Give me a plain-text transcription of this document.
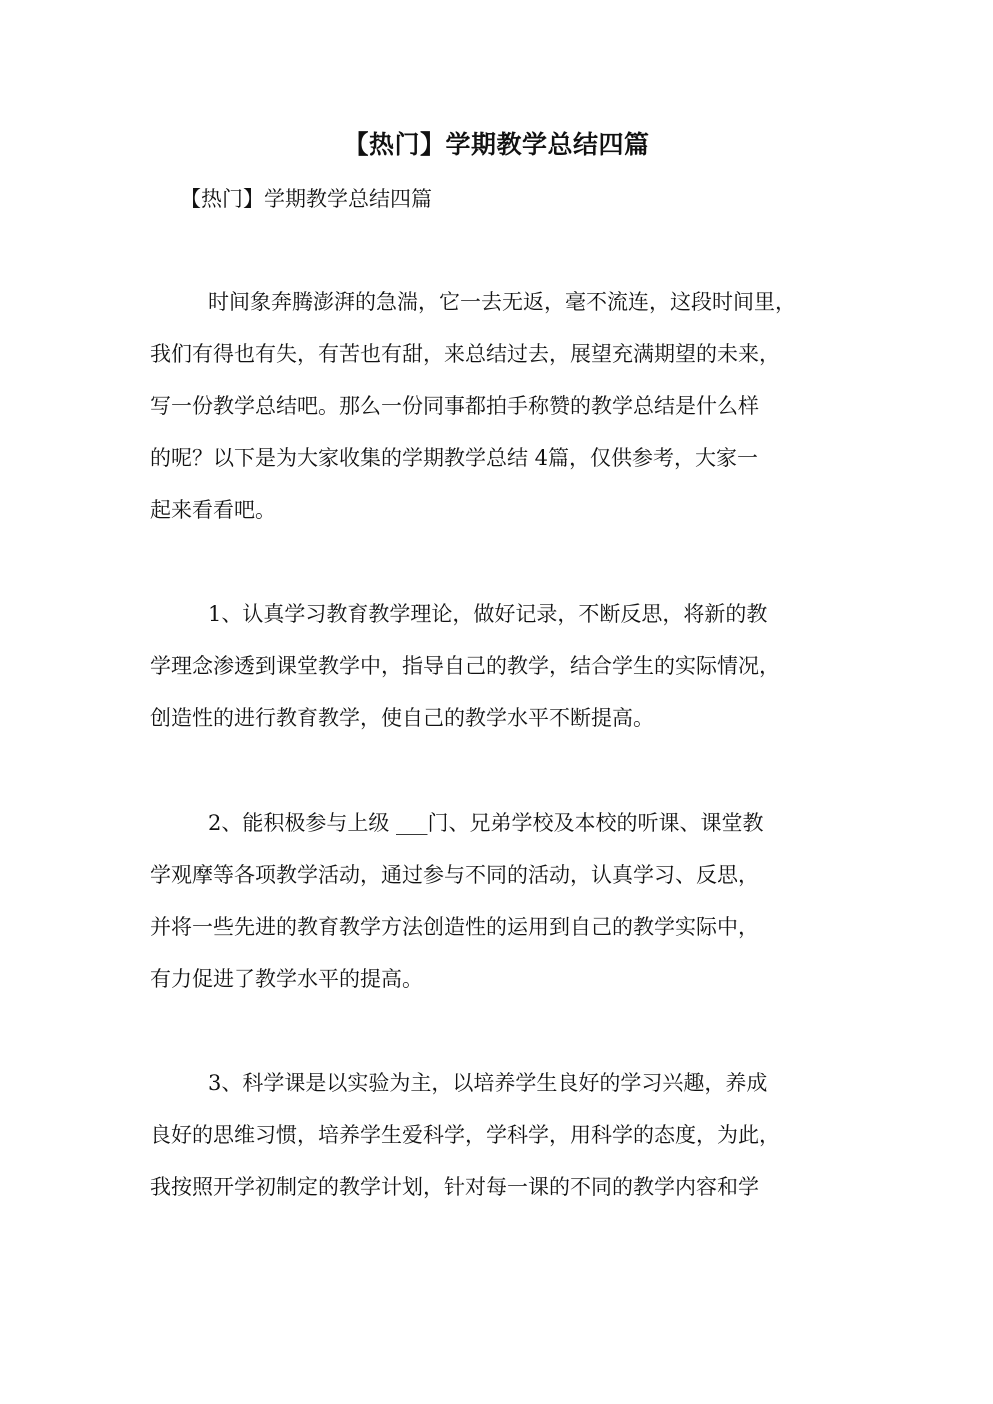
【热门】学期教学总结四篇
【热门】学期教学总结四篇
时间象奔腾澎湃的急湍，它一去无返，毫不流连，这段时间里，
我们有得也有失，有苦也有甜，来总结过去，展望充满期望的未来，
写一份教学总结吧。那么一份同事都拍手称赞的教学总结是什么样
的呢？以下是为大家收集的学期教学总结 4篇，仅供参考，大家一
起来看看吧。
1、认真学习教育教学理论，做好记录，不断反思，将新的教
学理念渗透到课堂教学中，指导自己的教学，结合学生的实际情况，
创造性的进行教育教学，使自己的教学水平不断提高。
2、能积极参与上级 ___门、兄弟学校及本校的听课、课堂教
学观摩等各项教学活动，通过参与不同的活动，认真学习、反思，
并将一些先进的教育教学方法创造性的运用到自己的教学实际中，
有力促进了教学水平的提高。
3、科学课是以实验为主，以培养学生良好的学习兴趣，养成
良好的思维习惯，培养学生爱科学，学科学，用科学的态度，为此，
我按照开学初制定的教学计划，针对每一课的不同的教学内容和学
